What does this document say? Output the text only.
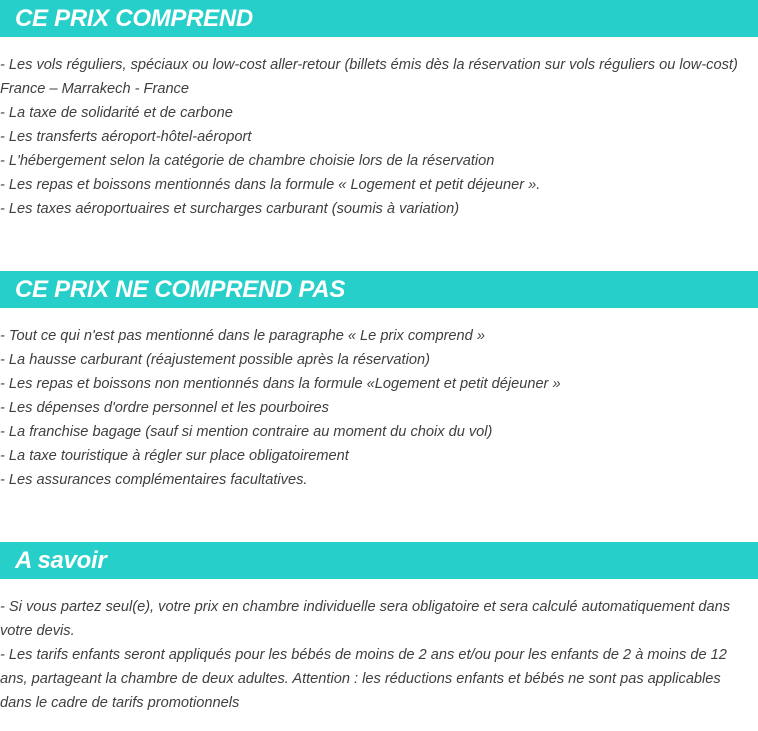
CE PRIX COMPREND
- Les vols réguliers, spéciaux ou low-cost aller-retour (billets émis dès la réservation sur vols réguliers ou low-cost)
France – Marrakech - France
- La taxe de solidarité et de carbone
- Les transferts aéroport-hôtel-aéroport
- L'hébergement selon la catégorie de chambre choisie lors de la réservation
- Les repas et boissons mentionnés dans la formule « Logement et petit déjeuner ».
- Les taxes aéroportuaires et surcharges carburant (soumis à variation)
CE PRIX NE COMPREND PAS
- Tout ce qui n'est pas mentionné dans le paragraphe « Le prix comprend »
- La hausse carburant (réajustement possible après la réservation)
- Les repas et boissons non mentionnés dans la formule «Logement et petit déjeuner »
- Les dépenses d'ordre personnel et les pourboires
- La franchise bagage (sauf si mention contraire au moment du choix du vol)
- La taxe touristique à régler sur place obligatoirement
- Les assurances complémentaires facultatives.
A savoir
- Si vous partez seul(e), votre prix en chambre individuelle sera obligatoire et sera calculé automatiquement dans votre devis.
- Les tarifs enfants seront appliqués pour les bébés de moins de 2 ans et/ou pour les enfants de 2 à moins de 12 ans, partageant la chambre de deux adultes. Attention : les réductions enfants et bébés ne sont pas applicables dans le cadre de tarifs promotionnels
